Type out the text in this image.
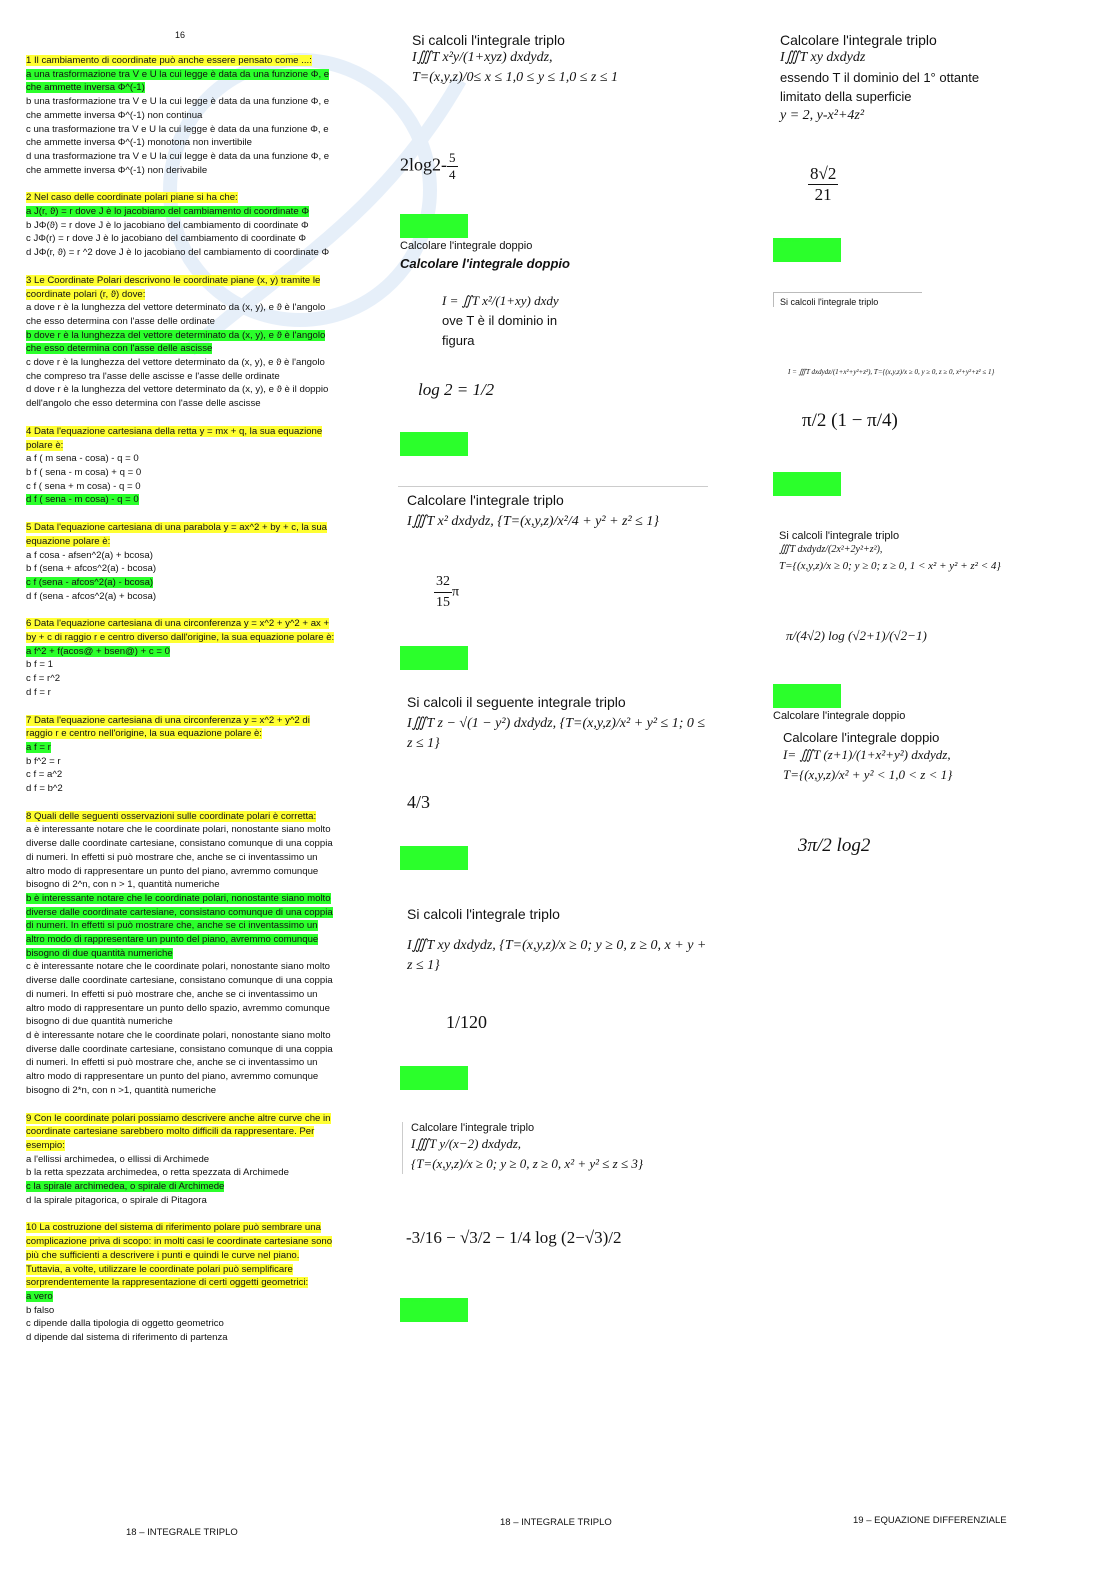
16
1 Il cambiamento di coordinate può anche essere pensato come ...:
a una trasformazione tra V e U la cui legge è data da una funzione Φ, e che ammette inversa Φ^(-1)
b una trasformazione tra V e U la cui legge è data da una funzione Φ, e che ammette inversa Φ^(-1) non continua
c una trasformazione tra V e U la cui legge è data da una funzione Φ, e che ammette inversa Φ^(-1) monotona non invertibile
d una trasformazione tra V e U la cui legge è data da una funzione Φ, e che ammette inversa Φ^(-1) non derivabile
2 Nel caso delle coordinate polari piane si ha che:
a J(r, ϑ) = r dove J è lo jacobiano del cambiamento di coordinate Φ
b JΦ(ϑ) = r dove J è lo jacobiano del cambiamento di coordinate Φ
c JΦ(r) = r dove J è lo jacobiano del cambiamento di coordinate Φ
d JΦ(r, ϑ) = r ^2 dove J è lo jacobiano del cambiamento di coordinate Φ
3 Le Coordinate Polari descrivono le coordinate piane (x, y) tramite le coordinate polari (r, ϑ) dove:
a dove r è la lunghezza del vettore determinato da (x, y), e ϑ è l'angolo che esso determina con l'asse delle ordinate
b dove r è la lunghezza del vettore determinato da (x, y), e ϑ è l'angolo che esso determina con l'asse delle ascisse
c dove r è la lunghezza del vettore determinato da (x, y), e ϑ è l'angolo che compreso tra l'asse delle ascisse e l'asse delle ordinate
d dove r è la lunghezza del vettore determinato da (x, y), e ϑ è il doppio dell'angolo che esso determina con l'asse delle ascisse
4 Data l'equazione cartesiana della retta y = mx + q, la sua equazione polare è:
a f ( m sena - cosa) - q = 0
b f ( sena - m cosa) + q = 0
c f ( sena + m cosa) - q = 0
d f ( sena - m cosa) - q = 0
5 Data l'equazione cartesiana di una parabola y = ax^2 + by + c, la sua equazione polare è:
a f cosa - afsen^2(a) + bcosa)
b f (sena + afcos^2(a) - bcosa)
c f (sena - afcos^2(a) - bcosa)
d f (sena - afcos^2(a) + bcosa)
6 Data l'equazione cartesiana di una circonferenza y = x^2 + y^2 + ax + by + c di raggio r e centro diverso dall'origine, la sua equazione polare è:
a f^2 + f(acos@ + bsen@) + c = 0
b f = 1
c f = r^2
d f = r
7 Data l'equazione cartesiana di una circonferenza y = x^2 + y^2 di raggio r e centro nell'origine, la sua equazione polare è:
a f = r
b f^2 = r
c f = a^2
d f = b^2
8 Quali delle seguenti osservazioni sulle coordinate polari è corretta:
a è interessante notare che le coordinate polari, nonostante siano molto diverse dalle coordinate cartesiane, consistano comunque di una coppia di numeri. In effetti si può mostrare che, anche se ci inventassimo un altro modo di rappresentare un punto del piano, avremmo comunque bisogno di 2^n, con n > 1, quantità numeriche
b è interessante notare che le coordinate polari, nonostante siano molto diverse dalle coordinate cartesiane, consistano comunque di una coppia di numeri. In effetti si può mostrare che, anche se ci inventassimo un altro modo di rappresentare un punto del piano, avremmo comunque bisogno di due quantità numeriche
c è interessante notare che le coordinate polari, nonostante siano molto diverse dalle coordinate cartesiane, consistano comunque di una coppia di numeri. In effetti si può mostrare che, anche se ci inventassimo un altro modo di rappresentare un punto dello spazio, avremmo comunque bisogno di due quantità numeriche
d è interessante notare che le coordinate polari, nonostante siano molto diverse dalle coordinate cartesiane, consistano comunque di una coppia di numeri. In effetti si può mostrare che, anche se ci inventassimo un altro modo di rappresentare un punto del piano, avremmo comunque bisogno di 2*n, con n >1, quantità numeriche
9 Con le coordinate polari possiamo descrivere anche altre curve che in coordinate cartesiane sarebbero molto difficili da rappresentare. Per esempio:
a l'ellissi archimedea, o ellissi di Archimede
b la retta spezzata archimedea, o retta spezzata di Archimede
c la spirale archimedea, o spirale di Archimede
d la spirale pitagorica, o spirale di Pitagora
10 La costruzione del sistema di riferimento polare può sembrare una complicazione priva di scopo: in molti casi le coordinate cartesiane sono più che sufficienti a descrivere i punti e quindi le curve nel piano. Tuttavia, a volte, utilizzare le coordinate polari può semplificare sorprendentemente la rappresentazione di certi oggetti geometrici:
a vero
b falso
c dipende dalla tipologia di oggetto geometrico
d dipende dal sistema di riferimento di partenza
18 – INTEGRALE TRIPLO
Si calcoli l'integrale triplo
I∭T x²y/(1+xyz) dxdydz,
T=(x,y,z)/0≤ x ≤ 1,0 ≤ y ≤ 1,0 ≤ z ≤ 1
$2\log 2- \frac{5}{4}$
----------
Calcolare l'integrale doppio
Calcolare l'integrale doppio
I = ∬T x²/(1+xy) dxdy
ove T è il dominio in figura
log 2 = 1/2
----------
Calcolare l'integrale triplo
I∭T x² dxdydz, {T=(x,y,z)/x²/4 + y² + z² ≤ 1}
$\frac{32}{15}$ π
----------
Si calcoli il seguente integrale triplo
I∭T z − √(1 − y²) dxdydz, {T=(x,y,z)/x² + y² ≤ 1; 0 ≤ z ≤ 1}
4/3
----------
Si calcoli l'integrale triplo
I∭T xy dxdydz, {T=(x,y,z)/x ≥ 0; y ≥ 0, z ≥ 0, x + y + z ≤ 1}
1/120
----------
Calcolare l'integrale triplo
I∭T y/(x−2) dxdydz,
{T=(x,y,z)/x ≥ 0; y ≥ 0, z ≥ 0, x² + y² ≤ z ≤ 3}
-3/16 − √3/2 − 1/4 log (2−√3)/2
----------
18 – INTEGRALE TRIPLO
Calcolare l'integrale triplo
I∭T xy dxdydz
essendo T il dominio del 1° ottante
limitato della superficie
y = 2, y-x²+4z²
$\frac{8√2}{21}$
----------
Si calcoli l'integrale triplo
I = ∭T dxdydz/(1+x²+y²+z²), T={(x,y,z)/x ≥ 0, y ≥ 0, z ≥ 0, x²+y²+z² ≤ 1}
π/2 (1 − π/4)
----------
Si calcoli l'integrale triplo
∭T dxdydz/(2x²+2y²+z²),
T={(x,y,z)/x ≥ 0; y ≥ 0; z ≥ 0, 1 < x² + y² + z² < 4}
π/(4√2) log (√2+1)/(√2−1)
----------
Calcolare l'integrale doppio
Calcolare l'integrale doppio
I= ∭T (z+1)/(1+x²+y²) dxdydz,
T={(x,y,z)/x² + y² < 1,0 < z < 1}
3π/2 log2
19 – EQUAZIONE DIFFERENZIALE
